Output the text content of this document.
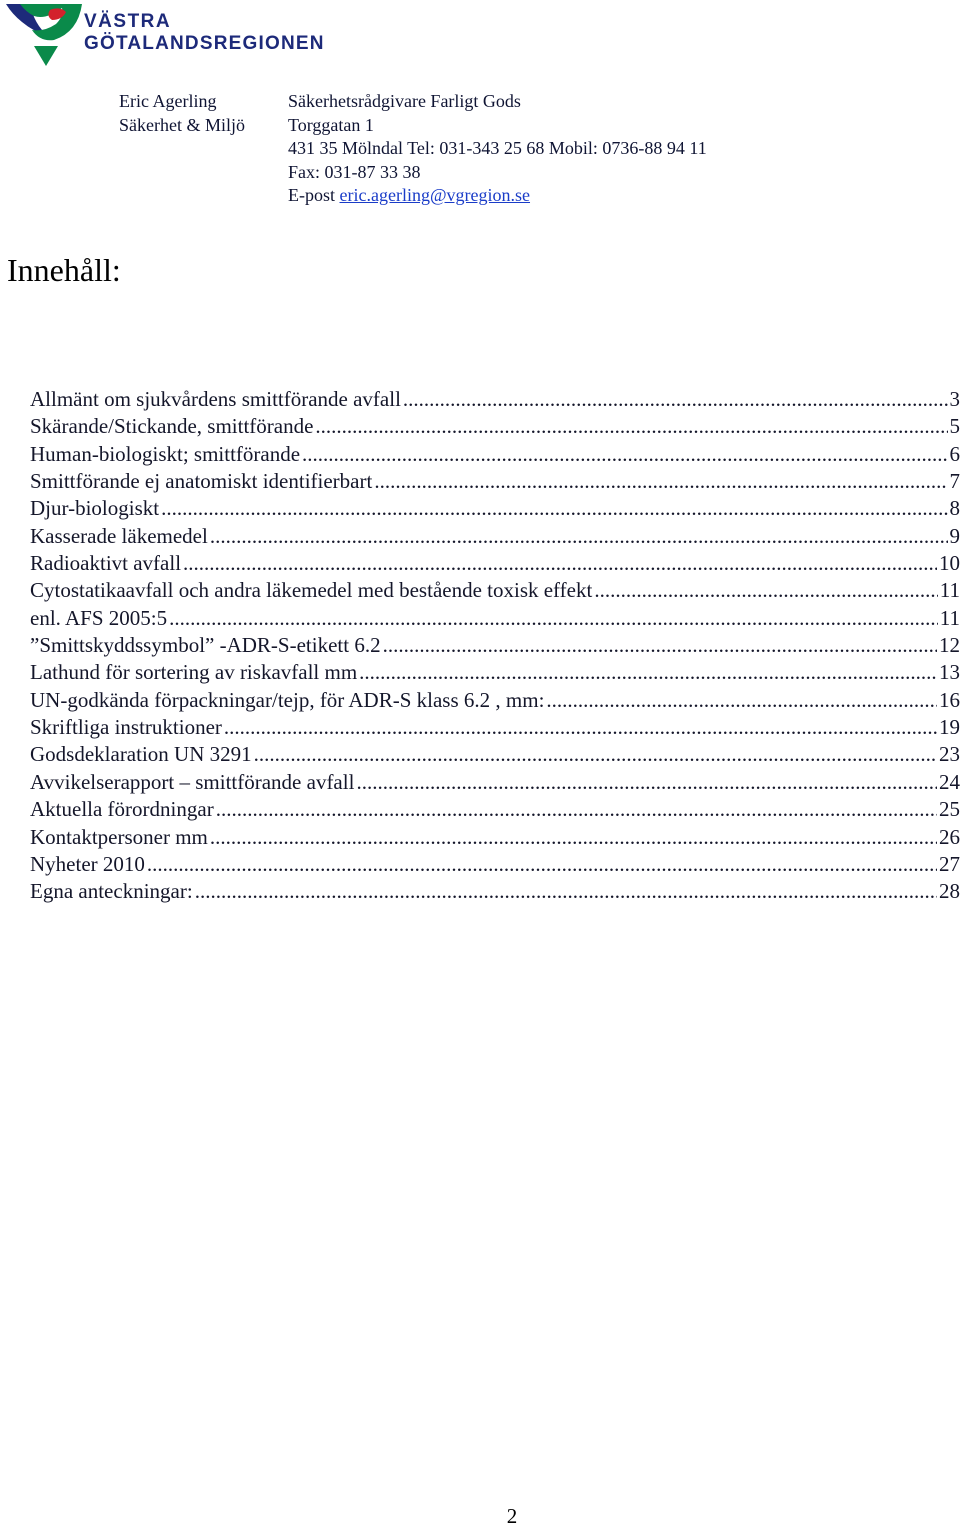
VÄSTRA
GÖTALANDSREGIONEN
Eric Agerling	Säkerhetsrådgivare Farligt Gods
Säkerhet & Miljö	Torggatan 1
431 35 Mölndal Tel: 031-343 25 68 Mobil: 0736-88 94 11
Fax: 031-87 33 38
E-post eric.agerling@vgregion.se
Innehåll:
Allmänt om sjukvårdens smittförande avfall .....	3
Skärande/Stickande, smittförande .....	5
Human-biologiskt; smittförande .....	6
Smittförande ej anatomiskt identifierbart .....	7
Djur-biologiskt .....	8
Kasserade läkemedel .....	9
Radioaktivt avfall .....	10
Cytostatikaavfall och andra läkemedel med bestående toxisk effekt .....	11
enl. AFS 2005:5 .....	11
”Smittskyddssymbol” -ADR-S-etikett 6.2 .....	12
Lathund för sortering av riskavfall mm .....	13
UN-godkända förpackningar/tejp, för ADR-S klass 6.2 , mm: .....	16
Skriftliga instruktioner .....	19
Godsdeklaration UN 3291 .....	23
Avvikelserapport – smittförande avfall .....	24
Aktuella förordningar .....	25
Kontaktpersoner mm .....	26
Nyheter 2010 .....	27
Egna anteckningar: .....	28
2
